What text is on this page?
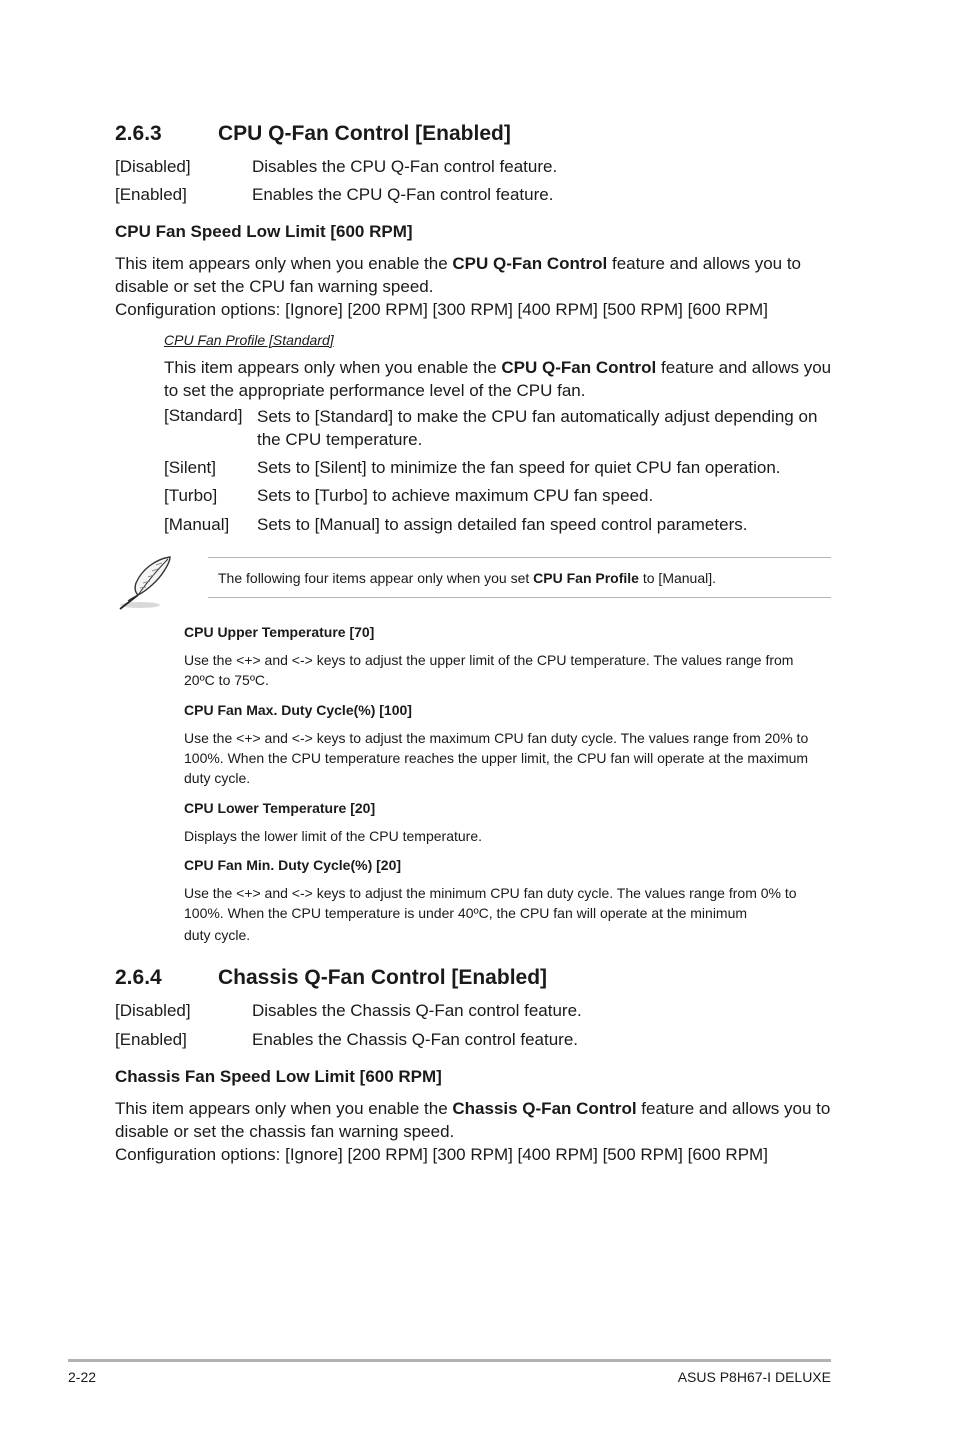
2.6.3	CPU Q-Fan Control [Enabled]
[Disabled]	Disables the CPU Q-Fan control feature.
[Enabled]	Enables the CPU Q-Fan control feature.
CPU Fan Speed Low Limit [600 RPM]
This item appears only when you enable the CPU Q-Fan Control feature and allows you to disable or set the CPU fan warning speed.
Configuration options: [Ignore] [200 RPM] [300 RPM] [400 RPM] [500 RPM] [600 RPM]
CPU Fan Profile [Standard]
This item appears only when you enable the CPU Q-Fan Control feature and allows you to set the appropriate performance level of the CPU fan.
[Standard] Sets to [Standard] to make the CPU fan automatically adjust depending on the CPU temperature.
[Silent] Sets to [Silent] to minimize the fan speed for quiet CPU fan operation.
[Turbo] Sets to [Turbo] to achieve maximum CPU fan speed.
[Manual] Sets to [Manual] to assign detailed fan speed control parameters.
The following four items appear only when you set CPU Fan Profile to [Manual].
CPU Upper Temperature [70]
Use the <+> and <-> keys to adjust the upper limit of the CPU temperature. The values range from 20ºC to 75ºC.
CPU Fan Max. Duty Cycle(%) [100]
Use the <+> and <-> keys to adjust the maximum CPU fan duty cycle. The values range from 20% to 100%. When the CPU temperature reaches the upper limit, the CPU fan will operate at the maximum duty cycle.
CPU Lower Temperature [20]
Displays the lower limit of the CPU temperature.
CPU Fan Min. Duty Cycle(%) [20]
Use the <+> and <-> keys to adjust the minimum CPU fan duty cycle. The values range from 0% to 100%. When the CPU temperature is under 40ºC, the CPU fan will operate at the minimum
duty cycle.
2.6.4	Chassis Q-Fan Control [Enabled]
[Disabled]	Disables the Chassis Q-Fan control feature.
[Enabled]	Enables the Chassis Q-Fan control feature.
Chassis Fan Speed Low Limit [600 RPM]
This item appears only when you enable the Chassis Q-Fan Control feature and allows you to disable or set the chassis fan warning speed.
Configuration options: [Ignore] [200 RPM] [300 RPM] [400 RPM] [500 RPM] [600 RPM]
2-22	ASUS P8H67-I DELUXE
